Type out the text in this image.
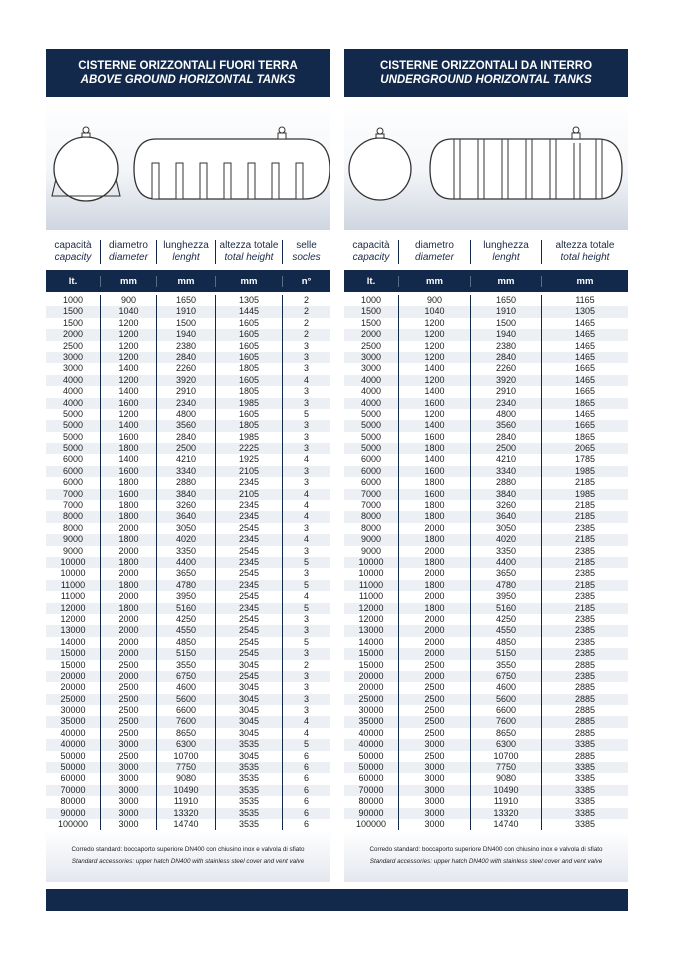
CISTERNE ORIZZONTALI FUORI TERRA
ABOVE GROUND HORIZONTAL TANKS
capacità
capacity
diametro
diameter
lunghezza
lenght
altezza totale
total height
selle
socles
lt.	mm	mm	mm	n°
1000	900	1650	1305	2
1500	1040	1910	1445	2
1500	1200	1500	1605	2
2000	1200	1940	1605	2
2500	1200	2380	1605	3
3000	1200	2840	1605	3
3000	1400	2260	1805	3
4000	1200	3920	1605	4
4000	1400	2910	1805	3
4000	1600	2340	1985	3
5000	1200	4800	1605	5
5000	1400	3560	1805	3
5000	1600	2840	1985	3
5000	1800	2500	2225	3
6000	1400	4210	1925	4
6000	1600	3340	2105	3
6000	1800	2880	2345	3
7000	1600	3840	2105	4
7000	1800	3260	2345	4
8000	1800	3640	2345	4
8000	2000	3050	2545	3
9000	1800	4020	2345	4
9000	2000	3350	2545	3
10000	1800	4400	2345	5
10000	2000	3650	2545	3
11000	1800	4780	2345	5
11000	2000	3950	2545	4
12000	1800	5160	2345	5
12000	2000	4250	2545	3
13000	2000	4550	2545	3
14000	2000	4850	2545	5
15000	2000	5150	2545	3
15000	2500	3550	3045	2
20000	2000	6750	2545	3
20000	2500	4600	3045	3
25000	2500	5600	3045	3
30000	2500	6600	3045	3
35000	2500	7600	3045	4
40000	2500	8650	3045	4
40000	3000	6300	3535	5
50000	2500	10700	3045	6
50000	3000	7750	3535	6
60000	3000	9080	3535	6
70000	3000	10490	3535	6
80000	3000	11910	3535	6
90000	3000	13320	3535	6
100000	3000	14740	3535	6
Corredo standard: boccaporto superiore DN400 con chiusino inox e valvola di sfiato
Standard accessories: upper hatch DN400 with stainless steel cover and vent valve
CISTERNE ORIZZONTALI DA INTERRO
UNDERGROUND HORIZONTAL TANKS
capacità
capacity
diametro
diameter
lunghezza
lenght
altezza totale
total height
lt.	mm	mm	mm
1000	900	1650	1165
1500	1040	1910	1305
1500	1200	1500	1465
2000	1200	1940	1465
2500	1200	2380	1465
3000	1200	2840	1465
3000	1400	2260	1665
4000	1200	3920	1465
4000	1400	2910	1665
4000	1600	2340	1865
5000	1200	4800	1465
5000	1400	3560	1665
5000	1600	2840	1865
5000	1800	2500	2065
6000	1400	4210	1785
6000	1600	3340	1985
6000	1800	2880	2185
7000	1600	3840	1985
7000	1800	3260	2185
8000	1800	3640	2185
8000	2000	3050	2385
9000	1800	4020	2185
9000	2000	3350	2385
10000	1800	4400	2185
10000	2000	3650	2385
11000	1800	4780	2185
11000	2000	3950	2385
12000	1800	5160	2185
12000	2000	4250	2385
13000	2000	4550	2385
14000	2000	4850	2385
15000	2000	5150	2385
15000	2500	3550	2885
20000	2000	6750	2385
20000	2500	4600	2885
25000	2500	5600	2885
30000	2500	6600	2885
35000	2500	7600	2885
40000	2500	8650	2885
40000	3000	6300	3385
50000	2500	10700	2885
50000	3000	7750	3385
60000	3000	9080	3385
70000	3000	10490	3385
80000	3000	11910	3385
90000	3000	13320	3385
100000	3000	14740	3385
Corredo standard: boccaporto superiore DN400 con chiusino inox e valvola di sfiato
Standard accessories: upper hatch DN400 with stainless steel cover and vent valve
